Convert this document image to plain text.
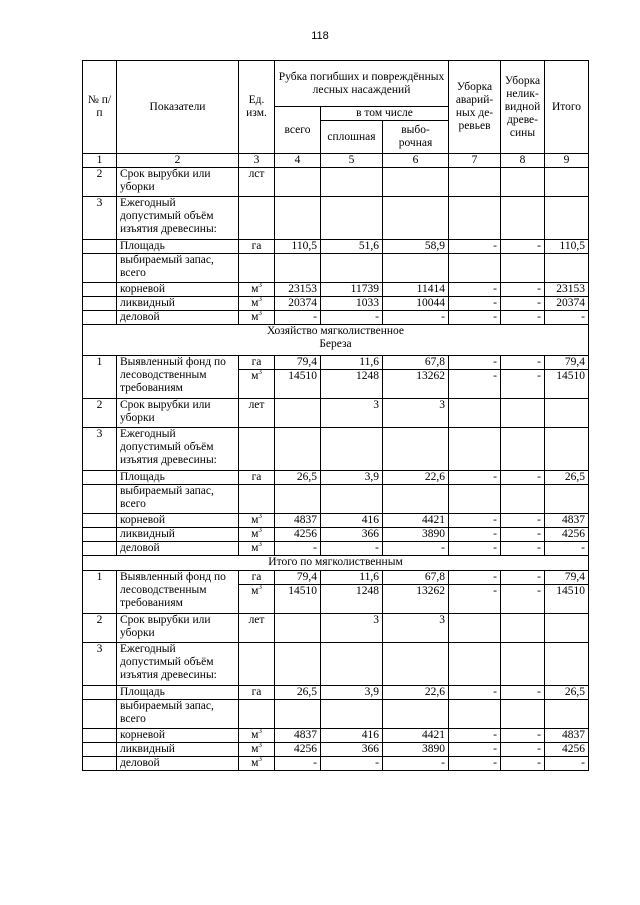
118
№ п/п	Показатели	Ед. изм.	Рубка погибших и повреждённых лесных насаждений			Уборка аварий-ных де-ревьев	Уборка нелик-видной древе-сины	Итого
			всего	в том числе				
				сплошная	выбо-рочная			
1	2	3	4	5	6	7	8	9
2	Срок вырубки или уборки	лст						
3	Ежегодный допустимый объём изъятия древесины:							
	Площадь	га	110,5	51,6	58,9	-	-	110,5
	выбираемый запас, всего							
	корневой	$м^3$	23153	11739	11414	-	-	23153
	ликвидный	$м^3$	20374	1033	10044	-	-	20374
	деловой	$м^3$	-	-	-	-	-	-

Хозяйство мягколиственное
Береза								

1	Выявленный фонд по лесоводственным требованиям	га	79,4	11,6	67,8	-	-	79,4
		$м^3$	14510	1248	13262	-	-	14510
2	Срок вырубки или уборки	лет		3	3			
3	Ежегодный допустимый объём изъятия древесины:							
	Площадь	га	26,5	3,9	22,6	-	-	26,5
	выбираемый запас, всего							
	корневой	$м^3$	4837	416	4421	-	-	4837
	ликвидный	$м^3$	4256	366	3890	-	-	4256
	деловой	$м^3$	-	-	-	-	-	-
Итого по мягколиственным								
1	Выявленный фонд по лесоводственным требованиям	га	79,4	11,6	67,8	-	-	79,4
		$м^3$	14510	1248	13262	-	-	14510
2	Срок вырубки или уборки	лет		3	3			
3	Ежегодный допустимый объём изъятия древесины:							
	Площадь	га	26,5	3,9	22,6	-	-	26,5
	выбираемый запас, всего							
	корневой	$м^3$	4837	416	4421	-	-	4837
	ликвидный	$м^3$	4256	366	3890	-	-	4256
	деловой	$м^3$	-	-	-	-	-	-
